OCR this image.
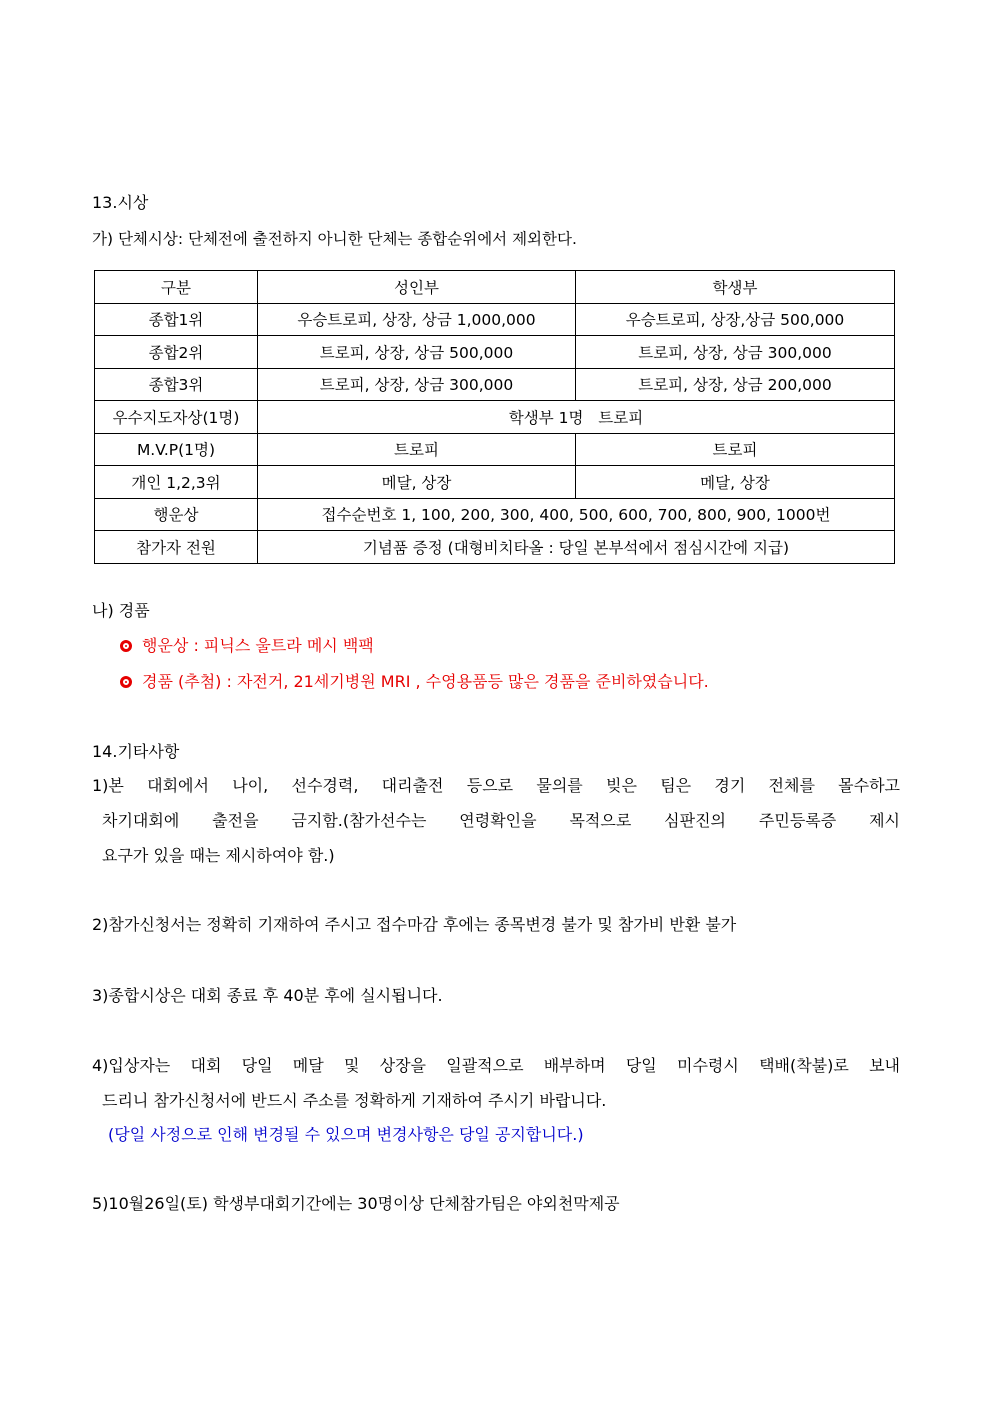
13.시상
가) 단체시상: 단체전에 출전하지 아니한 단체는 종합순위에서 제외한다.
구분	성인부	학생부
종합1위	우승트로피, 상장, 상금 1,000,000	우승트로피, 상장,상금 500,000
종합2위	트로피, 상장, 상금 500,000	트로피, 상장, 상금 300,000
종합3위	트로피, 상장, 상금 300,000	트로피, 상장, 상금 200,000
우수지도자상(1명)	학생부 1명   트로피	
M.V.P(1명)	트로피	트로피
개인 1,2,3위	메달, 상장	메달, 상장
행운상	접수순번호 1, 100, 200, 300, 400, 500, 600, 700, 800, 900, 1000번	
참가자 전원	기념품 증정 (대형비치타올 : 당일 본부석에서 점심시간에 지급)	
나) 경품
행운상 : 피닉스 울트라 메시 백팩
경품 (추첨) : 자전거, 21세기병원 MRI , 수영용품등 많은 경품을 준비하였습니다.
14.기타사항
1)본 대회에서 나이, 선수경력, 대리출전 등으로 물의를 빚은 팀은 경기 전체를 몰수하고
차기대회에 출전을 금지함.(참가선수는 연령확인을 목적으로 심판진의 주민등록증 제시
요구가 있을 때는 제시하여야 함.)
2)참가신청서는 정확히 기재하여 주시고 접수마감 후에는 종목변경 불가 및 참가비 반환 불가
3)종합시상은 대회 종료 후 40분 후에 실시됩니다.
4)입상자는 대회 당일 메달 및 상장을 일괄적으로 배부하며 당일 미수령시 택배(착불)로 보내
드리니 참가신청서에 반드시 주소를 정확하게 기재하여 주시기 바랍니다.
(당일 사정으로 인해 변경될 수 있으며 변경사항은 당일 공지합니다.)
5)10월26일(토) 학생부대회기간에는 30명이상 단체참가팀은 야외천막제공
